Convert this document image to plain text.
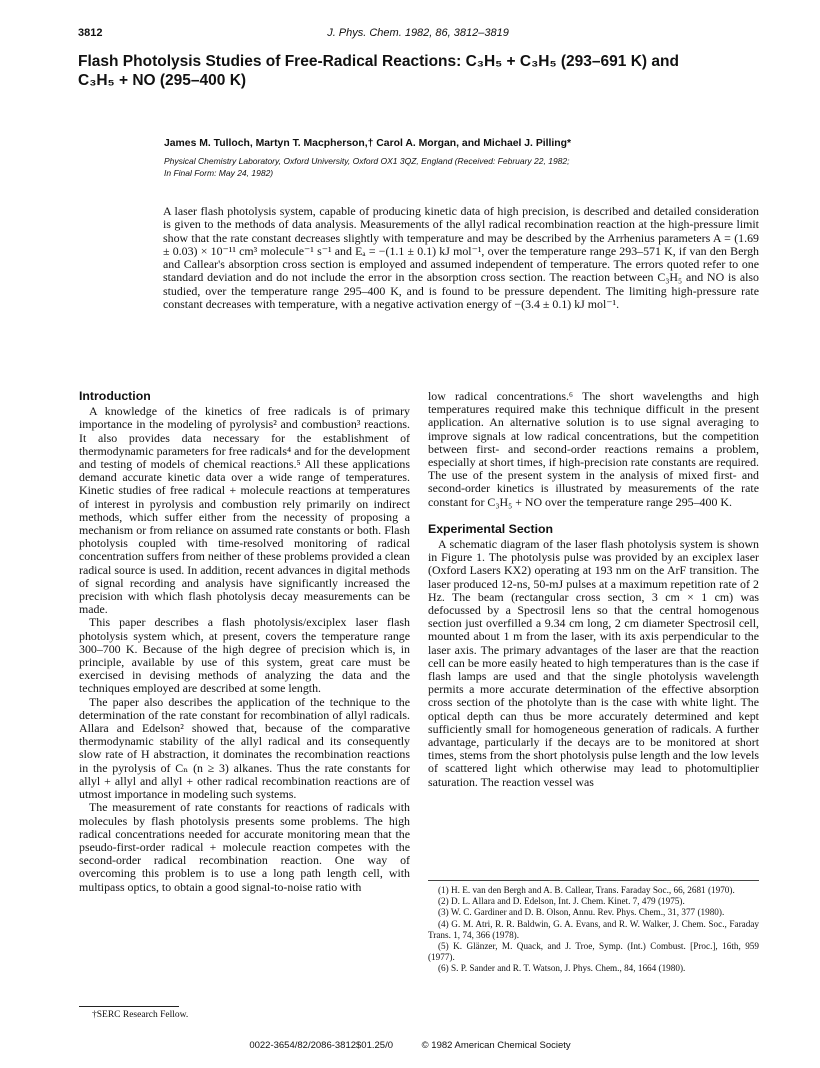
3812	J. Phys. Chem. 1982, 86, 3812–3819
Flash Photolysis Studies of Free-Radical Reactions: C₃H₅ + C₃H₅ (293–691 K) and
C₃H₅ + NO (295–400 K)
James M. Tulloch, Martyn T. Macpherson,† Carol A. Morgan, and Michael J. Pilling*
Physical Chemistry Laboratory, Oxford University, Oxford OX1 3QZ, England (Received: February 22, 1982;
In Final Form: May 24, 1982)
A laser flash photolysis system, capable of producing kinetic data of high precision, is described and detailed consideration is given to the methods of data analysis. Measurements of the allyl radical recombination reaction at the high-pressure limit show that the rate constant decreases slightly with temperature and may be described by the Arrhenius parameters A = (1.69 ± 0.03) × 10⁻¹¹ cm³ molecule⁻¹ s⁻¹ and Eₐ = −(1.1 ± 0.1) kJ mol⁻¹, over the temperature range 293–571 K, if van den Bergh and Callear's absorption cross section is employed and assumed independent of temperature. The errors quoted refer to one standard deviation and do not include the error in the absorption cross section. The reaction between C₃H₅ and NO is also studied, over the temperature range 295–400 K, and is found to be pressure dependent. The limiting high-pressure rate constant decreases with temperature, with a negative activation energy of −(3.4 ± 0.1) kJ mol⁻¹.
Introduction

A knowledge of the kinetics of free radicals is of primary importance in the modeling of pyrolysis² and combustion³ reactions. It also provides data necessary for the establishment of thermodynamic parameters for free radicals⁴ and for the development and testing of models of chemical reactions.⁵ All these applications demand accurate kinetic data over a wide range of temperatures. Kinetic studies of free radical + molecule reactions at temperatures of interest in pyrolysis and combustion rely primarily on indirect methods, which suffer either from the necessity of proposing a mechanism or from reliance on assumed rate constants or both. Flash photolysis coupled with time-resolved monitoring of radical concentration suffers from neither of these problems provided a clean radical source is used. In addition, recent advances in digital methods of signal recording and analysis have significantly increased the precision with which flash photolysis decay measurements can be made.

This paper describes a flash photolysis/exciplex laser flash photolysis system which, at present, covers the temperature range 300–700 K. Because of the high degree of precision which is, in principle, available by use of this system, great care must be exercised in devising methods of analyzing the data and the techniques employed are described at some length.

The paper also describes the application of the technique to the determination of the rate constant for recombination of allyl radicals. Allara and Edelson² showed that, because of the comparative thermodynamic stability of the allyl radical and its consequently slow rate of H abstraction, it dominates the recombination reactions in the pyrolysis of Cₙ (n ≥ 3) alkanes. Thus the rate constants for allyl + allyl and allyl + other radical recombination reactions are of utmost importance in modeling such systems.

The measurement of rate constants for reactions of radicals with molecules by flash photolysis presents some problems. The high radical concentrations needed for accurate monitoring mean that the pseudo-first-order radical + molecule reaction competes with the second-order radical recombination reaction. One way of overcoming this problem is to use a long path length cell, with multipass optics, to obtain a good signal-to-noise ratio with

†SERC Research Fellow.

low radical concentrations.⁶ The short wavelengths and high temperatures required make this technique difficult in the present application. An alternative solution is to use signal averaging to improve signals at low radical concentrations, but the competition between first- and second-order reactions remains a problem, especially at short times, if high-precision rate constants are required. The use of the present system in the analysis of mixed first- and second-order kinetics is illustrated by measurements of the rate constant for C₃H₅ + NO over the temperature range 295–400 K.

Experimental Section

A schematic diagram of the laser flash photolysis system is shown in Figure 1. The photolysis pulse was provided by an exciplex laser (Oxford Lasers KX2) operating at 193 nm on the ArF transition. The laser produced 12-ns, 50-mJ pulses at a maximum repetition rate of 2 Hz. The beam (rectangular cross section, 3 cm × 1 cm) was defocussed by a Spectrosil lens so that the central homogenous section just overfilled a 9.34 cm long, 2 cm diameter Spectrosil cell, mounted about 1 m from the laser, with its axis perpendicular to the laser axis. The primary advantages of the laser are that the reaction cell can be more easily heated to high temperatures than is the case if flash lamps are used and that the single photolysis wavelength permits a more accurate determination of the effective absorption cross section of the photolyte than is the case with white light. The optical depth can thus be more accurately determined and kept sufficiently small for homogeneous generation of radicals. A further advantage, particularly if the decays are to be monitored at short times, stems from the short photolysis pulse length and the low levels of scattered light which otherwise may lead to photomultiplier saturation. The reaction vessel was

(1) H. E. van den Bergh and A. B. Callear, Trans. Faraday Soc., 66, 2681 (1970).
(2) D. L. Allara and D. Edelson, Int. J. Chem. Kinet. 7, 479 (1975).
(3) W. C. Gardiner and D. B. Olson, Annu. Rev. Phys. Chem., 31, 377 (1980).
(4) G. M. Atri, R. R. Baldwin, G. A. Evans, and R. W. Walker, J. Chem. Soc., Faraday Trans. 1, 74, 366 (1978).
(5) K. Glänzer, M. Quack, and J. Troe, Symp. (Int.) Combust. [Proc.], 16th, 959 (1977).
(6) S. P. Sander and R. T. Watson, J. Phys. Chem., 84, 1664 (1980).
0022-3654/82/2086-3812$01.25/0	© 1982 American Chemical Society
